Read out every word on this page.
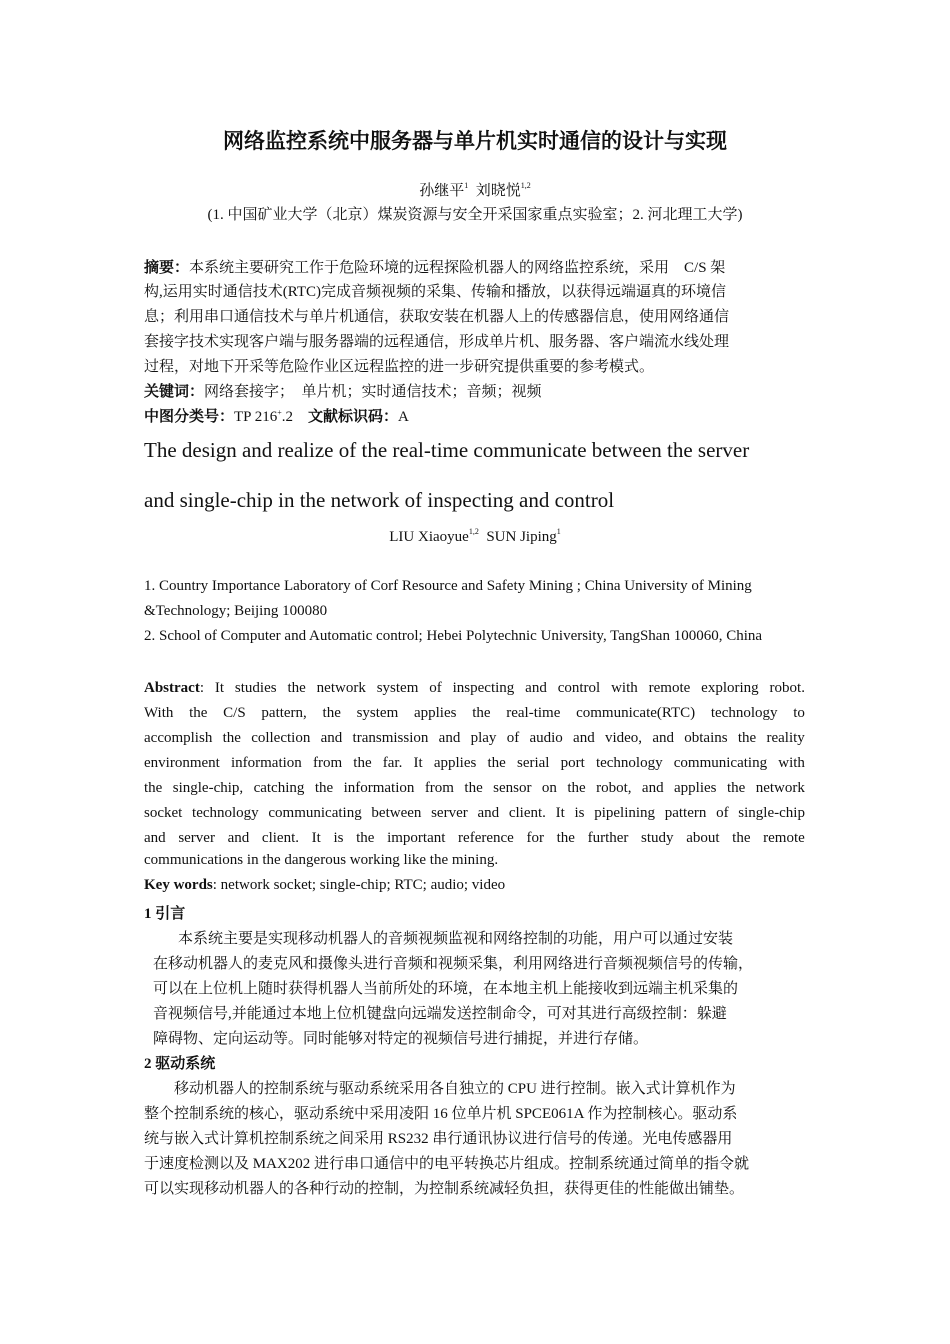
网络监控系统中服务器与单片机实时通信的设计与实现
孙继平$^1$ 刘晓悦$^{1,2}$
(1. 中国矿业大学（北京）煤炭资源与安全开采国家重点实验室；2. 河北理工大学)
摘要：本系统主要研究工作于危险环境的远程探险机器人的网络监控系统，采用　C/S 架
构,运用实时通信技术(RTC)完成音频视频的采集、传输和播放，以获得远端逼真的环境信
息；利用串口通信技术与单片机通信，获取安装在机器人上的传感器信息，使用网络通信
套接字技术实现客户端与服务器端的远程通信，形成单片机、服务器、客户端流水线处理
过程，对地下开采等危险作业区远程监控的进一步研究提供重要的参考模式。
关键词：网络套接字；　单片机；实时通信技术；音频；视频
中图分类号：TP 216+.2 文献标识码：A
The design and realize of the real-time communicate between the server
and single-chip in the network of inspecting and control
LIU Xiaoyue$^{1,2}$ SUN Jiping$^1$
1. Country Importance Laboratory of Corf Resource and Safety Mining ; China University of Mining
&Technology; Beijing 100080
2. School of Computer and Automatic control; Hebei Polytechnic University, TangShan 100060, China
Abstract: It studies the network system of inspecting and control with remote exploring robot.
With the C/S pattern, the system applies the real-time communicate(RTC) technology to
accomplish the collection and transmission and play of audio and video, and obtains the reality
environment information from the far. It applies the serial port technology communicating with
the single-chip, catching the information from the sensor on the robot, and applies the network
socket technology communicating between server and client. It is pipelining pattern of single-chip
and server and client. It is the important reference for the further study about the remote
communications in the dangerous working like the mining.
Key words: network socket; single-chip; RTC; audio; video
1 引言
　本系统主要是实现移动机器人的音频视频监视和网络控制的功能，用户可以通过安装
在移动机器人的麦克风和摄像头进行音频和视频采集，利用网络进行音频视频信号的传输，
可以在上位机上随时获得机器人当前所处的环境，在本地主机上能接收到远端主机采集的
音视频信号,并能通过本地上位机键盘向远端发送控制命令，可对其进行高级控制：躲避
障碍物、定向运动等。同时能够对特定的视频信号进行捕捉，并进行存储。
2 驱动系统
　　移动机器人的控制系统与驱动系统采用各自独立的 CPU 进行控制。嵌入式计算机作为
整个控制系统的核心，驱动系统中采用凌阳 16 位单片机 SPCE061A 作为控制核心。驱动系
统与嵌入式计算机控制系统之间采用 RS232 串行通讯协议进行信号的传递。光电传感器用
于速度检测以及 MAX202 进行串口通信中的电平转换芯片组成。控制系统通过简单的指令就
可以实现移动机器人的各种行动的控制，为控制系统减轻负担，获得更佳的性能做出铺垫。
